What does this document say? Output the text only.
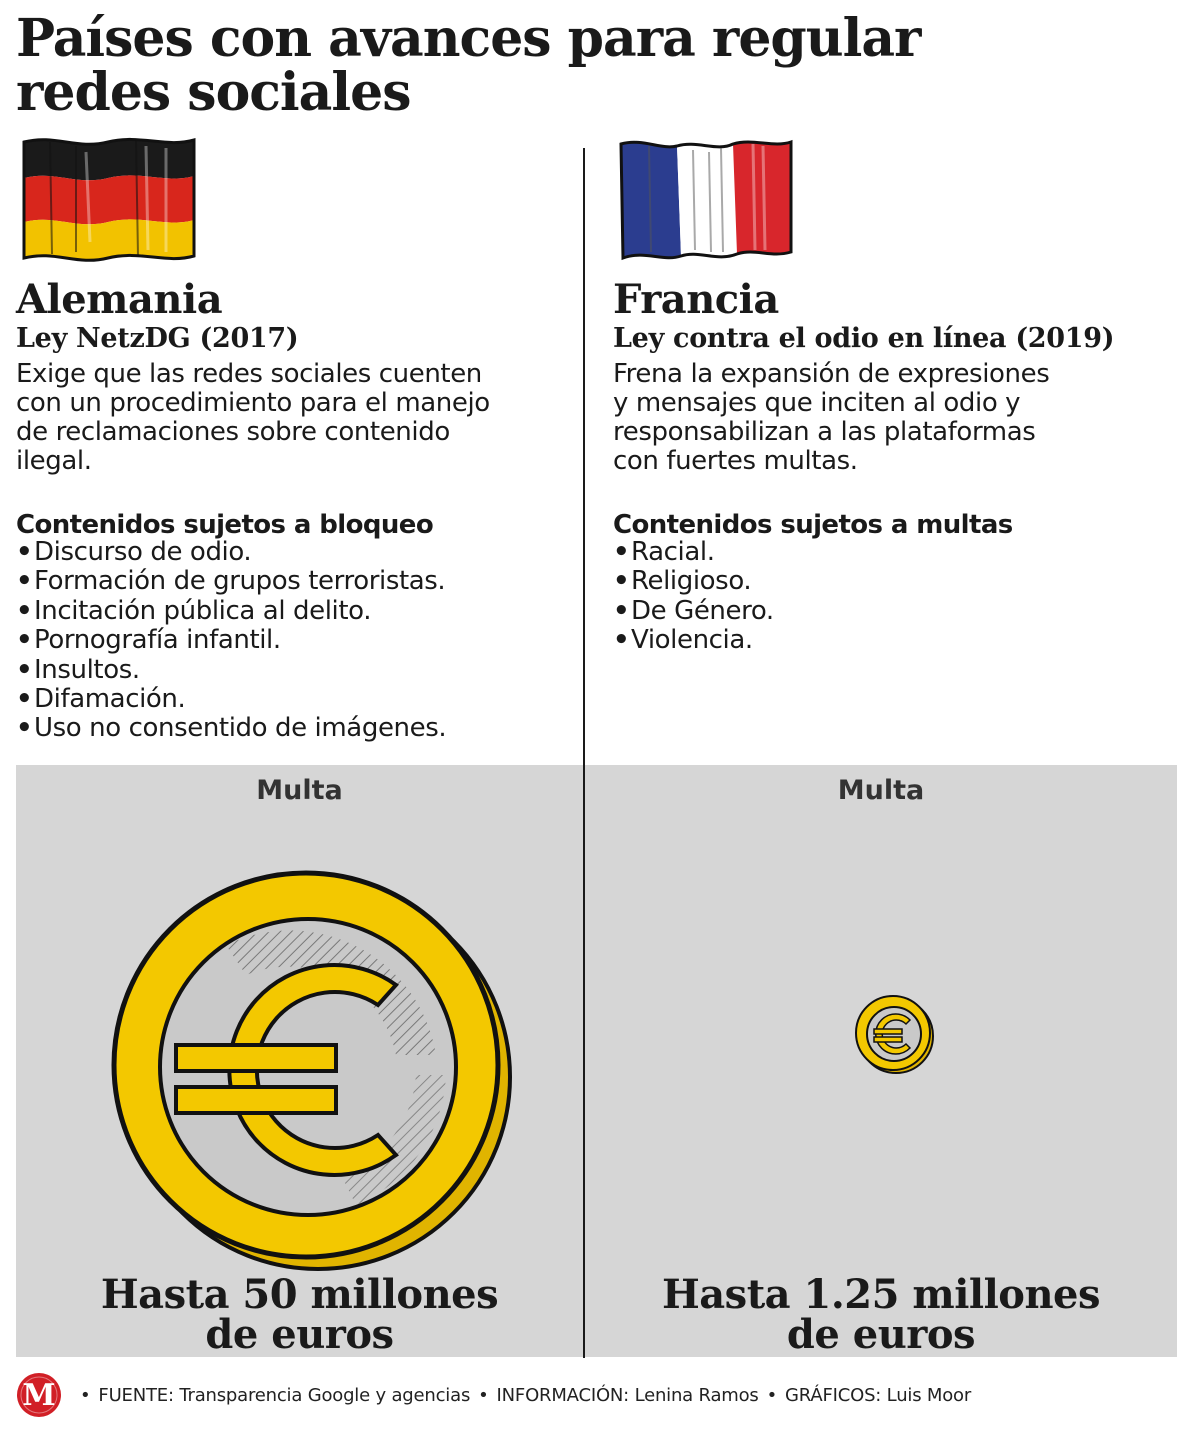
Países con avances para regular
redes sociales
Alemania
Ley NetzDG (2017)
Exige que las redes sociales cuenten
con un procedimiento para el manejo
de reclamaciones sobre contenido
ilegal.
Contenidos sujetos a bloqueo
•Discurso de odio.
•Formación de grupos terroristas.
•Incitación pública al delito.
•Pornografía infantil.
•Insultos.
•Difamación.
•Uso no consentido de imágenes.
Francia
Ley contra el odio en línea (2019)
Frena la expansión de expresiones
y mensajes que inciten al odio y
responsabilizan a las plataformas
con fuertes multas.
Contenidos sujetos a multas
•Racial.
•Religioso.
•De Género.
•Violencia.
Multa
Hasta 50 millones
de euros
Multa
Hasta 1.25 millones
de euros
M	• FUENTE: Transparencia Google y agencias • INFORMACIÓN: Lenina Ramos • GRÁFICOS: Luis Moor
